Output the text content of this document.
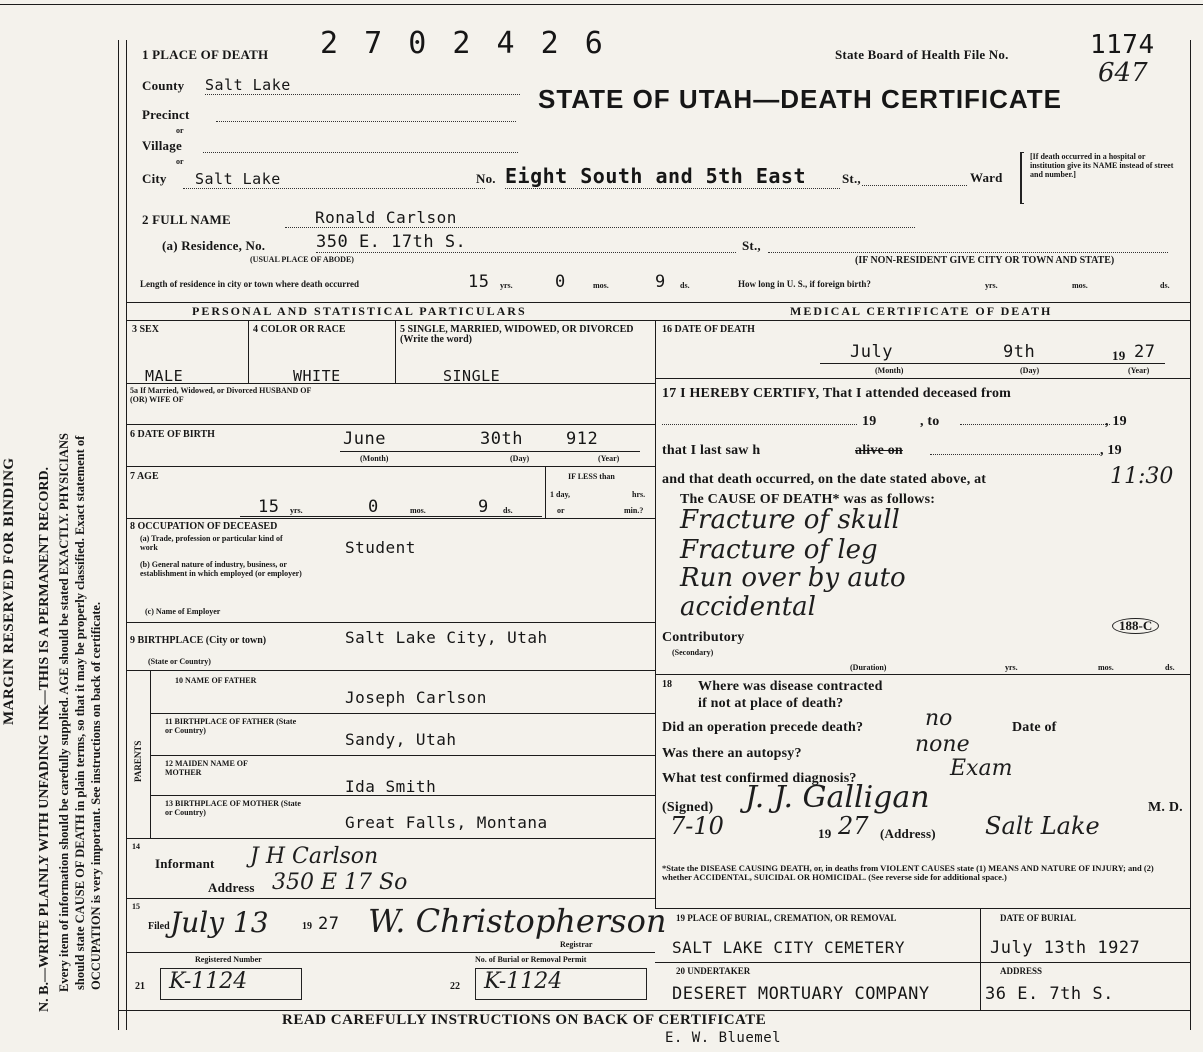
MARGIN RESERVED FOR BINDING N. B.—WRITE PLAINLY WITH UNFADING INK—THIS IS A PERMANENT RECORD. Every item of information should be carefully supplied. AGE should be stated EXACTLY. PHYSICIANS should state CAUSE OF DEATH in plain terms, so that it may be properly classified. Exact statement of OCCUPATION is very important. See instructions on back of certificate.
1 PLACE OF DEATH 2 7 0 2 4 2 6	State Board of Health File No.	1174
647
STATE OF UTAH—DEATH CERTIFICATE
County Salt Lake
Precinct
or
Village
or
City	Salt Lake	No. Eight South and 5th East	St.,	Ward
[If death occurred in a hospital or institution give its NAME instead of street and number.]
2 FULL NAME	Ronald Carlson
(a) Residence, No.	350 E. 17th S.	St.,
(USUAL PLACE OF ABODE)	(IF NON-RESIDENT GIVE CITY OR TOWN AND STATE)
Length of residence in city or town where death occurred	15 yrs. 0	mos.	9 ds.	How long in U. S., if foreign birth?	yrs.	mos.	ds.
PERSONAL AND STATISTICAL PARTICULARS	MEDICAL CERTIFICATE OF DEATH
3 SEX	4 COLOR OR RACE	5 SINGLE, MARRIED, WIDOWED, OR DIVORCED (Write the word)
MALE	WHITE	SINGLE
5a If Married, Widowed, or Divorced HUSBAND OF (OR) WIFE OF
6 DATE OF BIRTH	June	30th	912
(Month)	(Day)	(Year)
7 AGE
15 yrs.	0	mos.	9 ds.
IF LESS than
1 day,	hrs.
or	min.?
8 OCCUPATION OF DECEASED
(a) Trade, profession or particular kind of work	Student
(b) General nature of industry, business, or establishment in which employed (or employer)
(c) Name of Employer
9 BIRTHPLACE (City or town)
(State or Country)
Salt Lake City, Utah
PARENTS
10 NAME OF FATHER
Joseph Carlson
11 BIRTHPLACE OF FATHER (State or Country)	Sandy, Utah
12 MAIDEN NAME OF MOTHER
Ida Smith
13 BIRTHPLACE OF MOTHER (State or Country)
Great Falls, Montana
14
Informant J H Carlson
Address 350 E 17 So
15
Filed July 13	19 27 W. Christopherson
Registrar
Registered Number	No. of Burial or Removal Permit
21 K-1124	22 K-1124
16 DATE OF DEATH
July	9th	19 27
(Month)	(Day)	(Year)
17 I HEREBY CERTIFY, That I attended deceased from
19	, to	, 19
that I last saw h	alive on	, 19
and that death occurred, on the date stated above, at	11:30
The CAUSE OF DEATH* was as follows:
Fracture of skull
Fracture of leg
Run over by auto
accidental
188-C
Contributory
(Secondary)
(Duration)	yrs.	mos.	ds.
18 Where was disease contracted
if not at place of death?
Did an operation precede death?	no	Date of
Was there an autopsy?	none
What test confirmed diagnosis?	Exam
(Signed) J. J. Galligan	M. D.
7-10	19 27 (Address) Salt Lake
*State the DISEASE CAUSING DEATH, or, in deaths from VIOLENT CAUSES state (1) MEANS AND NATURE OF INJURY; and (2) whether ACCIDENTAL, SUICIDAL OR HOMICIDAL. (See reverse side for additional space.)
19 PLACE OF BURIAL, CREMATION, OR REMOVAL
SALT LAKE CITY CEMETERY
DATE OF BURIAL
July 13th 1927
20 UNDERTAKER
DESERET MORTUARY COMPANY
ADDRESS
36 E. 7th S.
READ CAREFULLY INSTRUCTIONS ON BACK OF CERTIFICATE
E. W. Bluemel
